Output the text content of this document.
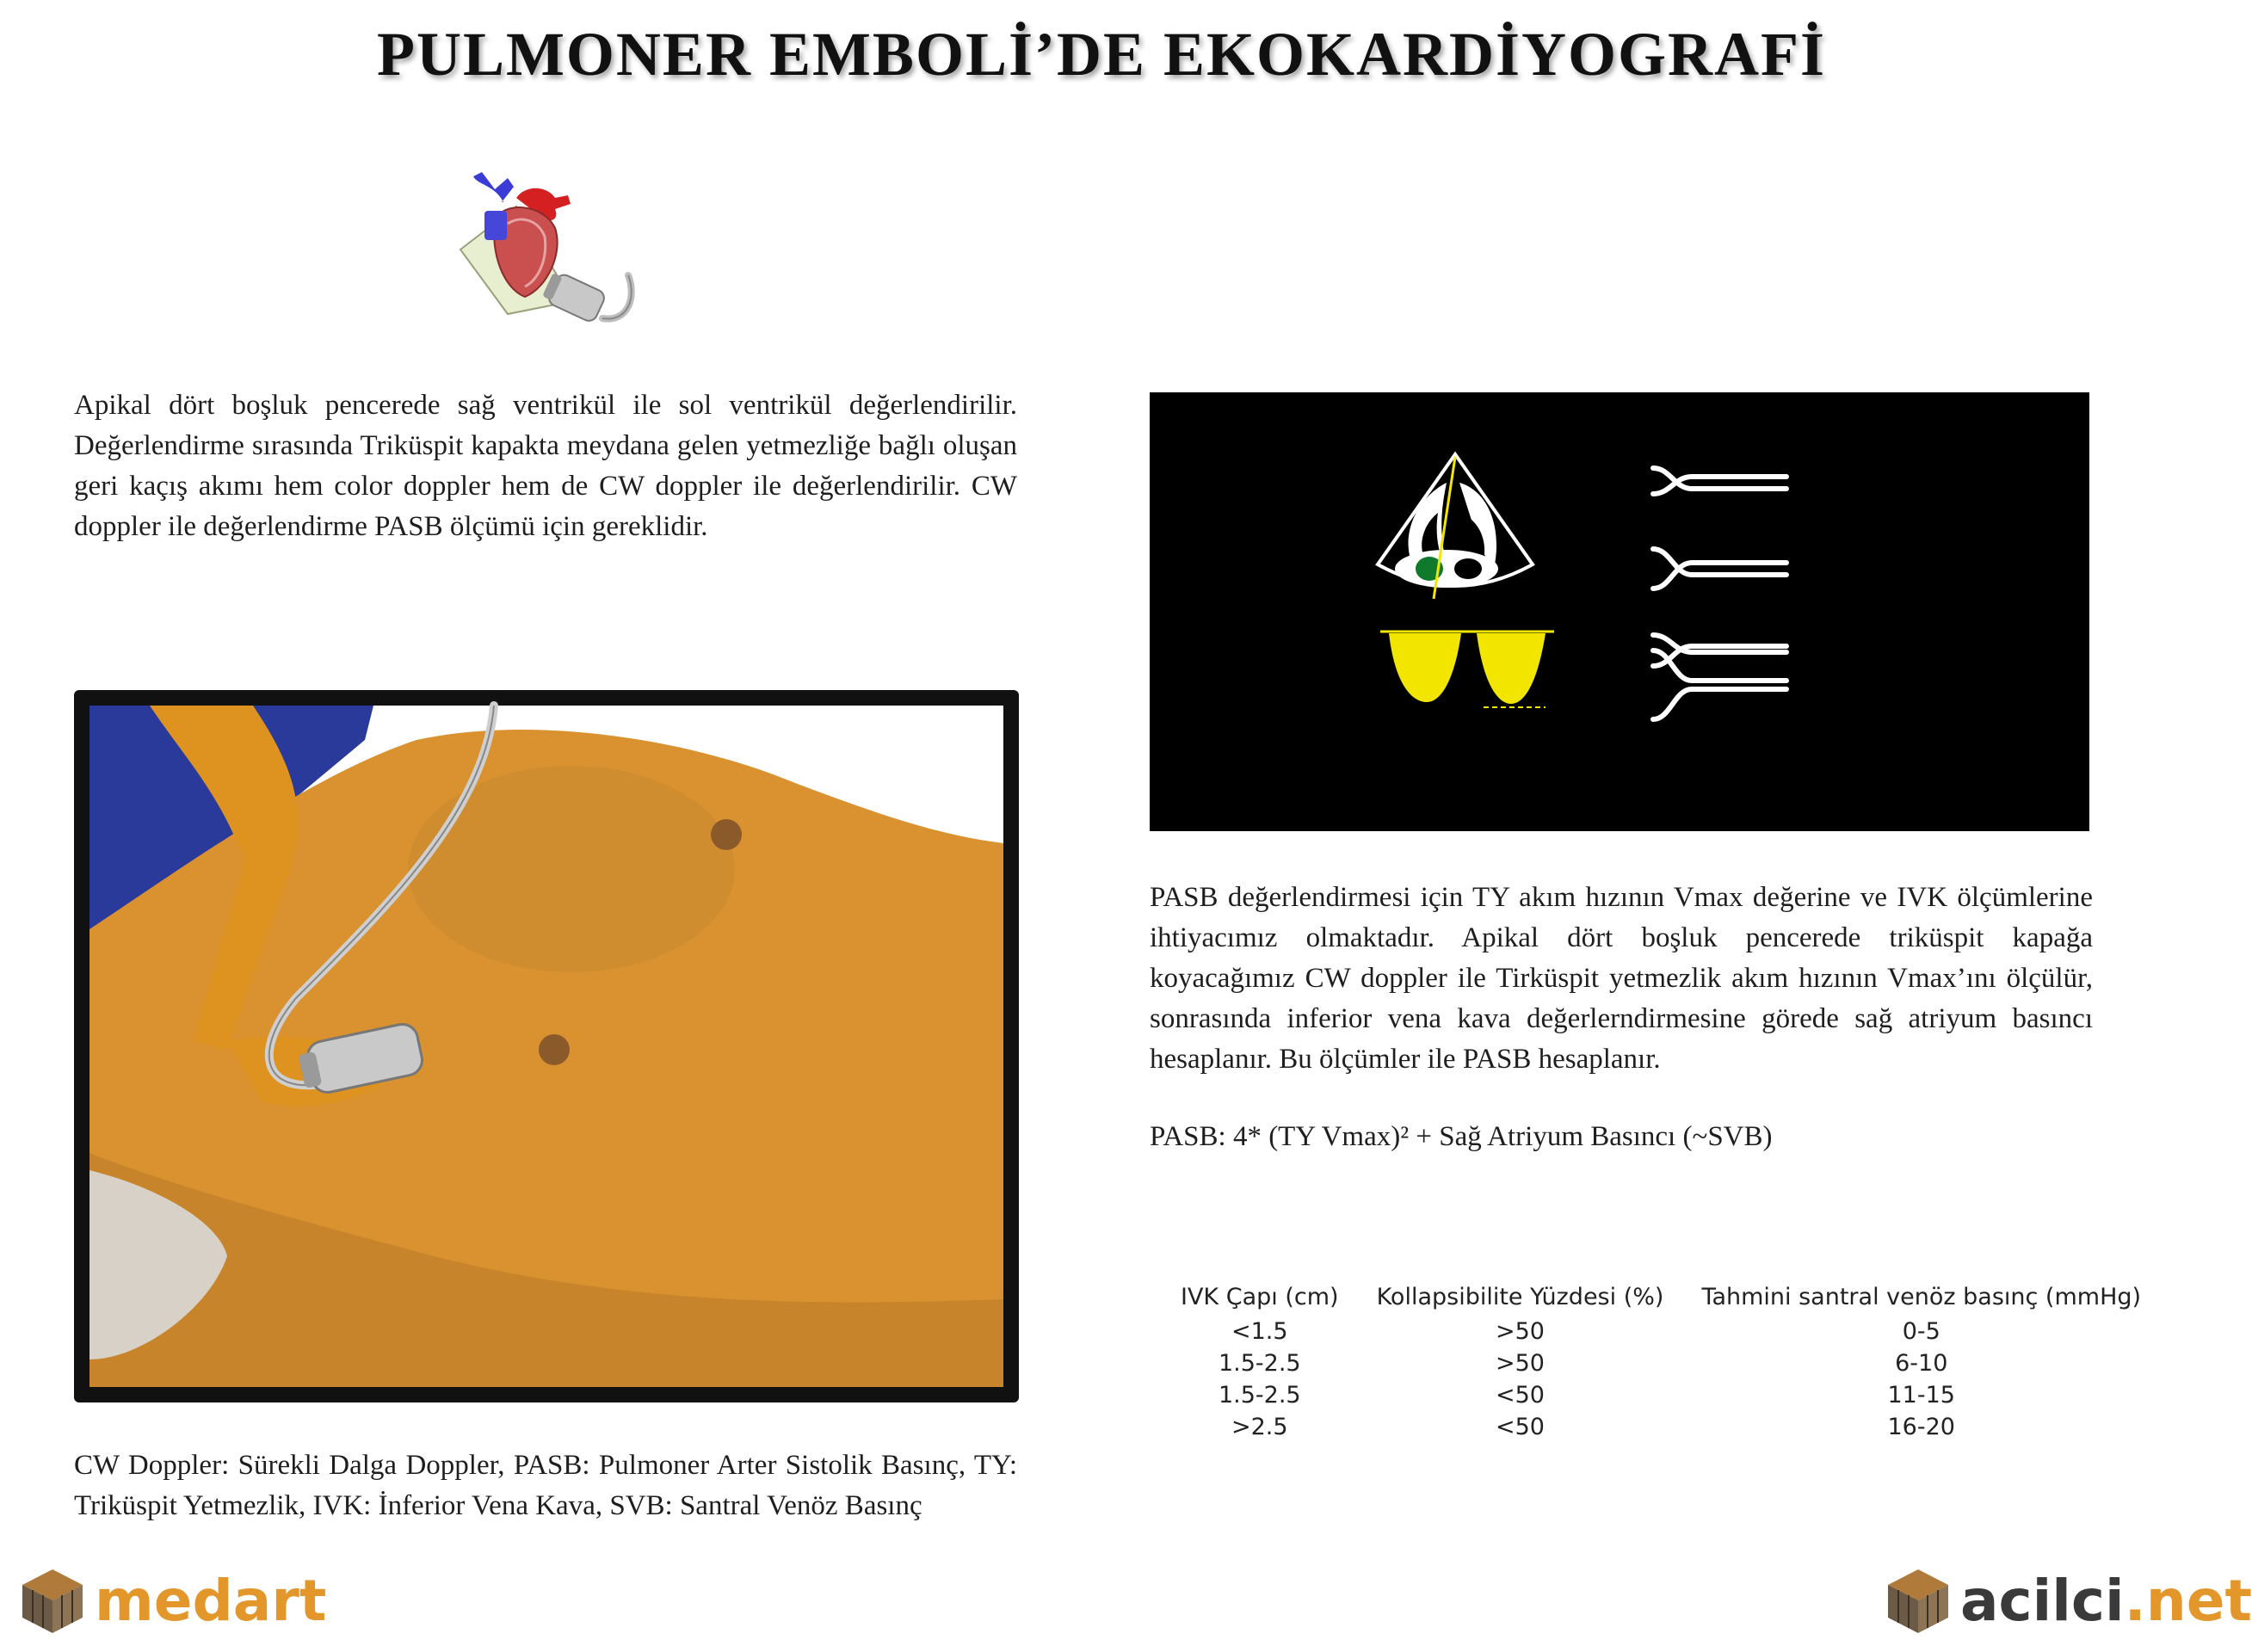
PULMONER EMBOLİ’DE EKOKARDİYOGRAFİ

Apikal dört boşluk pencerede sağ ventrikül ile sol ventrikül değerlendirilir. Değerlendirme sırasında Triküspit kapakta meydana gelen yetmezliğe bağlı oluşan geri kaçış akımı hem color doppler hem de CW doppler ile değerlendirilir. CW doppler ile değerlendirme PASB ölçümü için gereklidir.

PASB değerlendirmesi için TY akım hızının Vmax değerine ve IVK ölçümlerine ihtiyacımız olmaktadır. Apikal dört boşluk pencerede triküspit kapağa koyacağımız CW doppler ile Tirküspit yetmezlik akım hızının Vmax’ını ölçülür, sonrasında inferior vena kava değerlerndirmesine görede sağ atriyum basıncı hesaplanır. Bu ölçümler ile PASB hesaplanır.

PASB: 4* (TY Vmax)² + Sağ Atriyum Basıncı (~SVB)

IVK Çapı (cm)	Kollapsibilite Yüzdesi (%)	Tahmini santral venöz basınç (mmHg)
<1.5	>50	0-5
1.5-2.5	>50	6-10
1.5-2.5	<50	11-15
>2.5	<50	16-20

CW Doppler: Sürekli Dalga Doppler, PASB: Pulmoner Arter Sistolik Basınç, TY: Triküspit Yetmezlik, IVK: İnferior Vena Kava, SVB: Santral Venöz Basınç

medart	acilci .net
